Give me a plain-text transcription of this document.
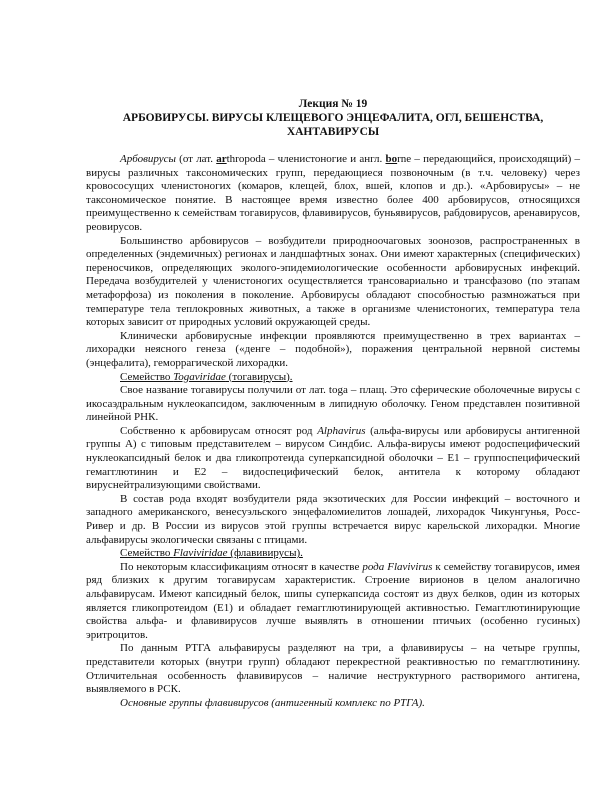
Лекция № 19
АРБОВИРУСЫ. ВИРУСЫ КЛЕЩЕВОГО ЭНЦЕФАЛИТА, ОГЛ, БЕШЕНСТВА, ХАНТАВИРУСЫ

Арбовирусы (от лат. arthropoda – членистоногие и англ. borne – передающийся, происходящий) – вирусы различных таксономических групп, передающиеся позвоночным (в т.ч. человеку) через кровососущих членистоногих (комаров, клещей, блох, вшей, клопов и др.). «Арбовирусы» – не таксономическое понятие. В настоящее время известно более 400 арбовирусов, относящихся преимущественно к семействам тогавирусов, флавивирусов, буньявирусов, рабдовирусов, аренавирусов, реовирусов.

Большинство арбовирусов – возбудители природноочаговых зоонозов, распространенных в определенных (эндемичных) регионах и ландшафтных зонах. Они имеют характерных (специфических) переносчиков, определяющих эколого-эпидемиологические особенности арбовирусных инфекций. Передача возбудителей у членистоногих осуществляется трансовариально и трансфазово (по этапам метафорфоза) из поколения в поколение. Арбовирусы обладают способностью размножаться при температуре тела теплокровных животных, а также в организме членистоногих, температура тела которых зависит от природных условий окружающей среды.

Клинически арбовирусные инфекции проявляются преимущественно в трех вариантах – лихорадки неясного генеза («денге – подобной»), поражения центральной нервной системы (энцефалита), геморрагической лихорадки.

Семейство Togaviridae (тогавирусы).

Свое название тогавирусы получили от лат. toga – плащ. Это сферические оболочечные вирусы с икосаэдральным нуклеокапсидом, заключенным в липидную оболочку. Геном представлен позитивной линейной РНК.

Собственно к арбовирусам относят род Alphavirus (альфа-вирусы или арбовирусы антигенной группы А) с типовым представителем – вирусом Синдбис. Альфа-вирусы имеют родоспецифический нуклеокапсидный белок и два гликопротеида суперкапсидной оболочки – Е1 – группоспецифический гемагглютинин и Е2 – видоспецифический белок, антитела к которому обладают вируснейтрализующими свойствами.

В состав рода входят возбудители ряда экзотических для России инфекций – восточного и западного американского, венесуэльского энцефаломиелитов лошадей, лихорадок Чикунгунья, Росс-Ривер и др. В России из вирусов этой группы встречается вирус карельской лихорадки. Многие альфавирусы экологически связаны с птицами.

Семейство Flaviviridae (флавивирусы).

По некоторым классификациям относят в качестве рода Flavivirus к семейству тогавирусов, имея ряд близких к другим тогавирусам характеристик. Строение вирионов в целом аналогично альфавирусам. Имеют капсидный белок, шипы суперкапсида состоят из двух белков, один из которых является гликопротеидом (Е1) и обладает гемагглютинирующей активностью. Гемагглютинирующие свойства альфа- и флавивирусов лучше выявлять в отношении птичьих (особенно гусиных) эритроцитов.

По данным РТГА альфавирусы разделяют на три, а флавивирусы – на четыре группы, представители которых (внутри групп) обладают перекрестной реактивностью по гемагглютинину. Отличительная особенность флавивирусов – наличие неструктурного растворимого антигена, выявляемого в РСК.

Основные группы флавивирусов (антигенный комплекс по РТГА).
